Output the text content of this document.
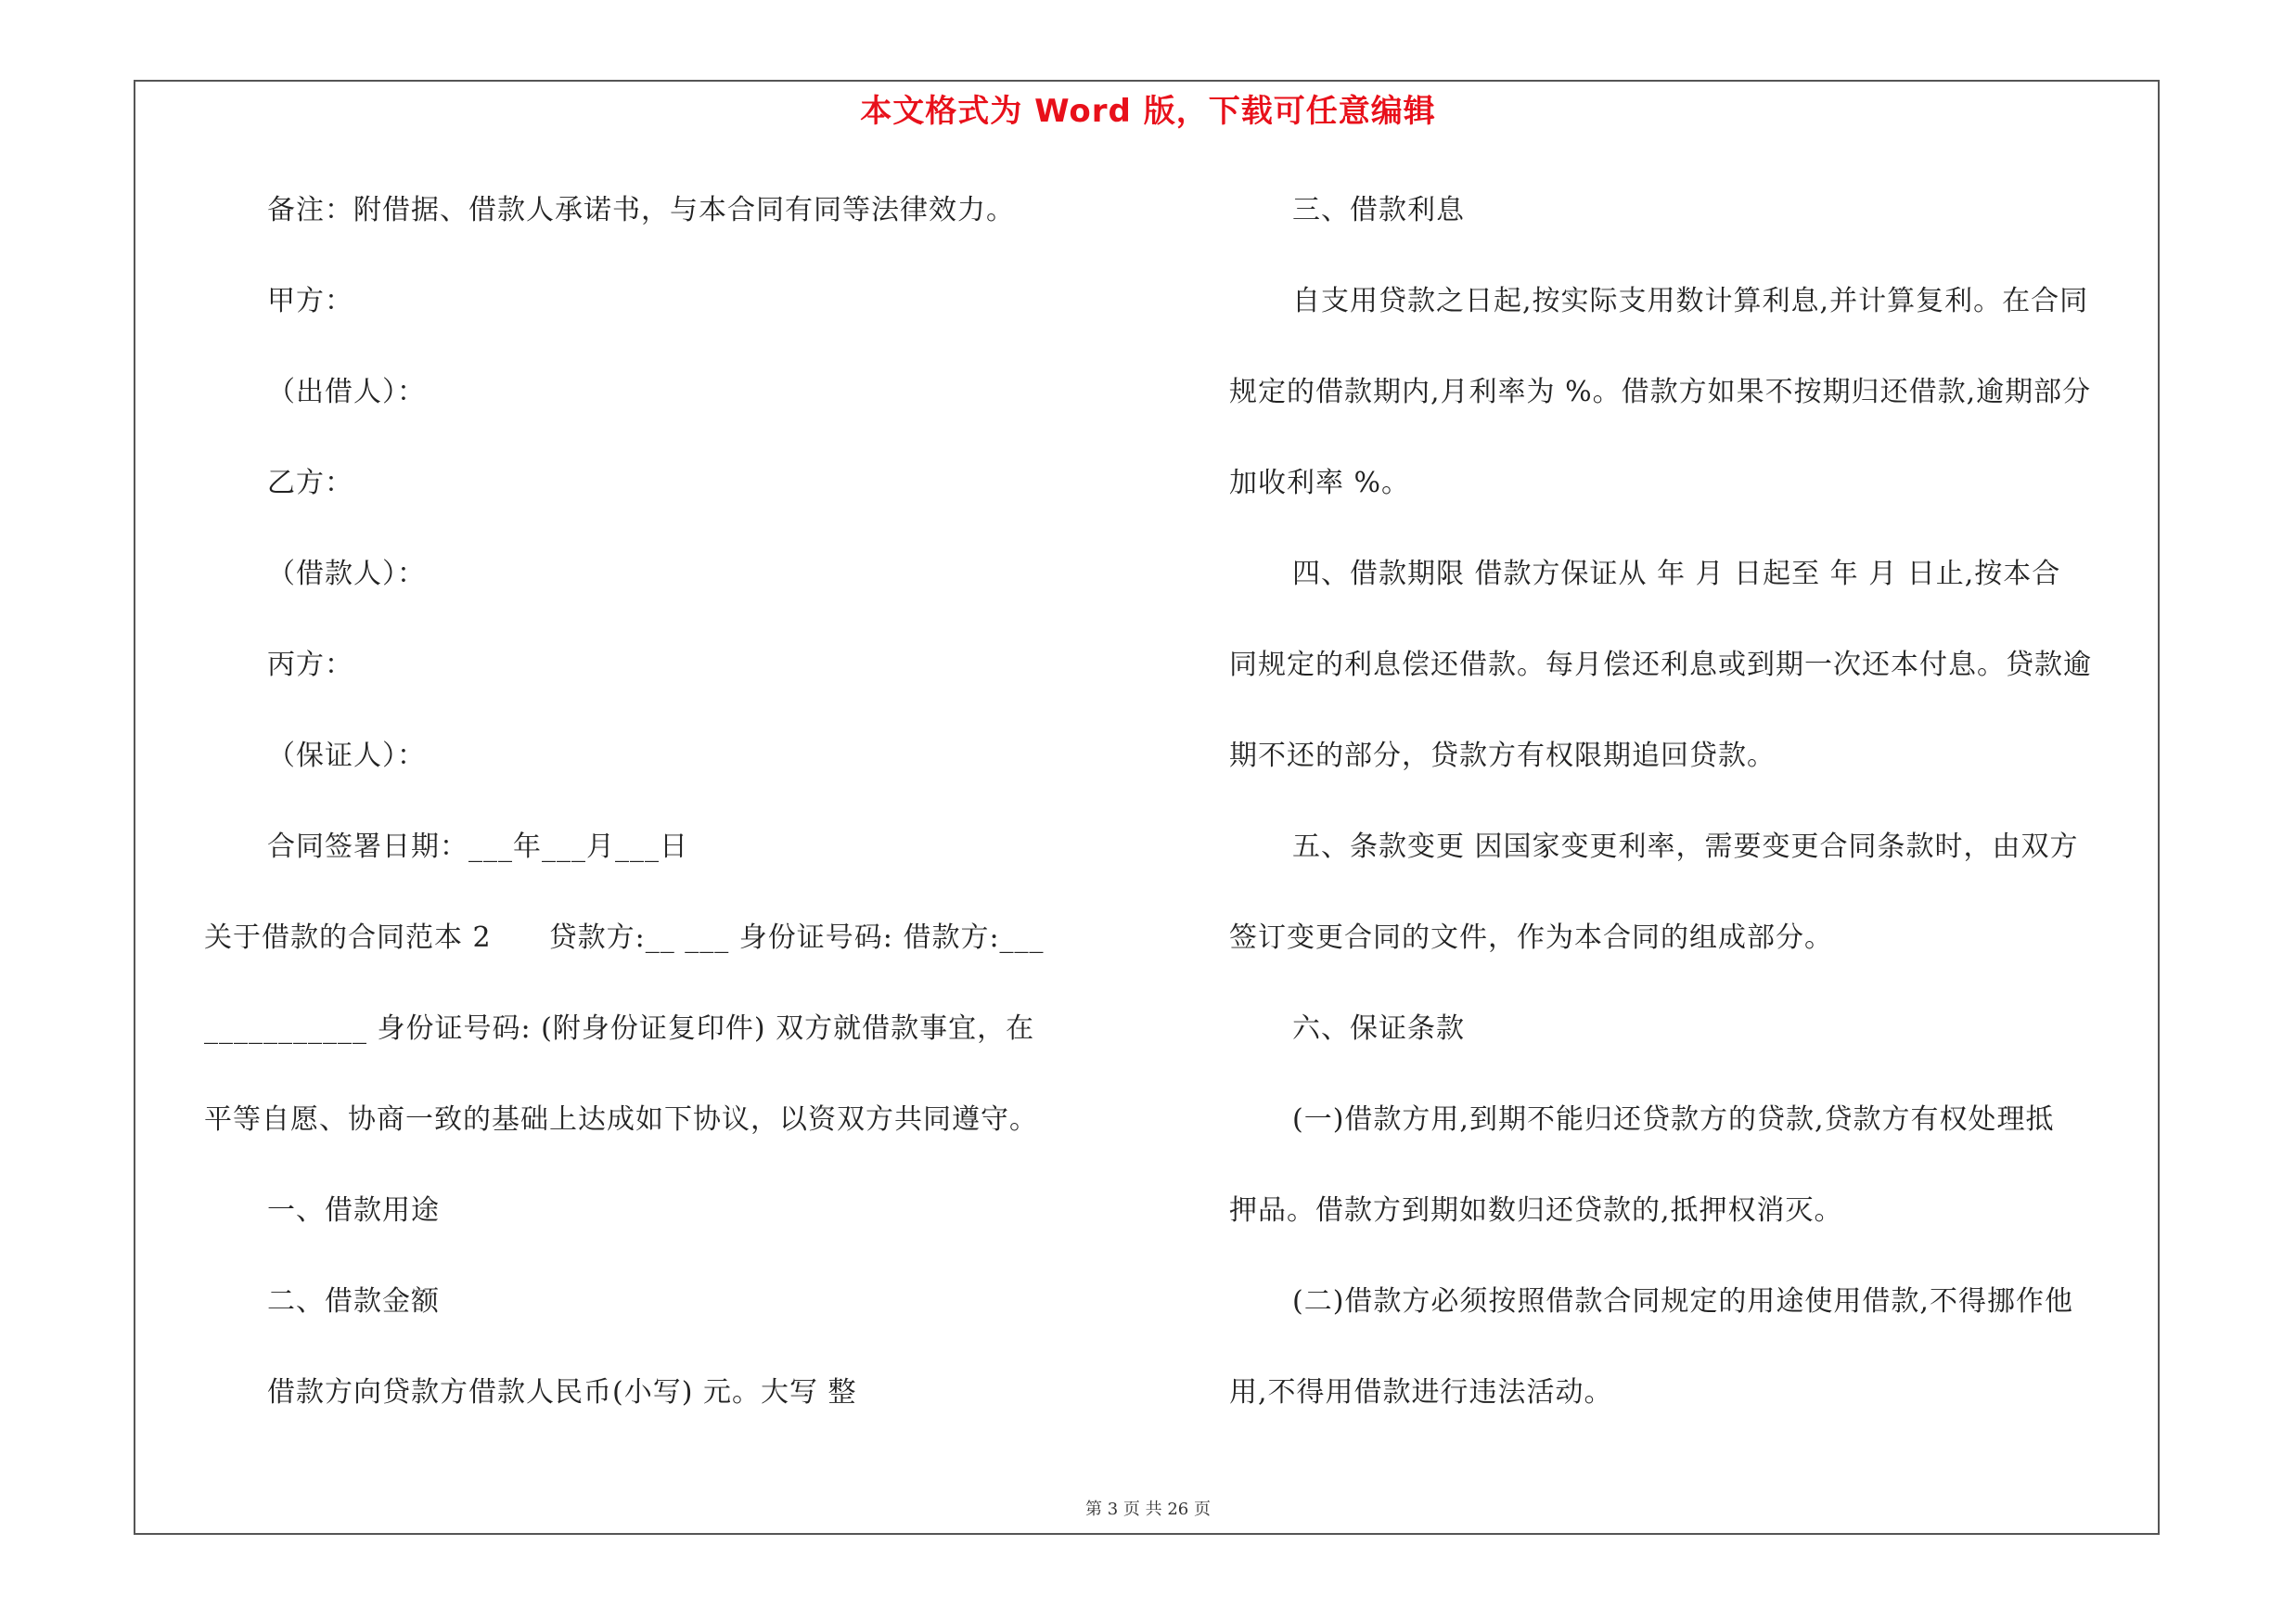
本文格式为 Word 版，下载可任意编辑
备注：附借据、借款人承诺书，与本合同有同等法律效力。
甲方：
（出借人）：
乙方：
（借款人）：
丙方：
（保证人）：
合同签署日期：___年___月___日
关于借款的合同范本 2　　贷款方:__ ___ 身份证号码: 借款方:___
___________ 身份证号码: (附身份证复印件) 双方就借款事宜，在
平等自愿、协商一致的基础上达成如下协议，以资双方共同遵守。
一、借款用途
二、借款金额
借款方向贷款方借款人民币(小写) 元。大写 整
三、借款利息
自支用贷款之日起,按实际支用数计算利息,并计算复利。在合同
规定的借款期内,月利率为 %。借款方如果不按期归还借款,逾期部分
加收利率 %。
四、借款期限 借款方保证从 年 月 日起至 年 月 日止,按本合
同规定的利息偿还借款。每月偿还利息或到期一次还本付息。贷款逾
期不还的部分，贷款方有权限期追回贷款。
五、条款变更 因国家变更利率，需要变更合同条款时，由双方
签订变更合同的文件，作为本合同的组成部分。
六、保证条款
(一)借款方用,到期不能归还贷款方的贷款,贷款方有权处理抵
押品。借款方到期如数归还贷款的,抵押权消灭。
(二)借款方必须按照借款合同规定的用途使用借款,不得挪作他
用,不得用借款进行违法活动。
第 3 页 共 26 页
